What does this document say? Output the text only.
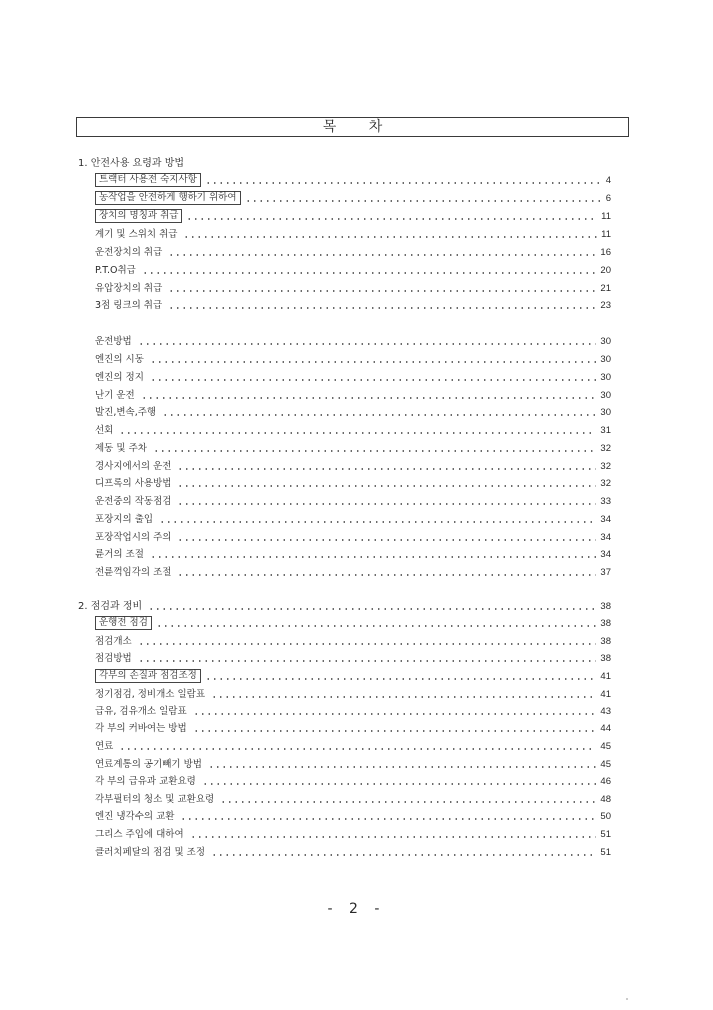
목 차
1. 안전사용 요령과 방법
트랙터 사용전 숙지사항	4
농작업을 안전하게 행하기 위하여	6
장치의 명칭과 취급	11
계기 및 스위치 취급	11
운전장치의 취급	16
P.T.O취급	20
유압장치의 취급	21
3점 링크의 취급	23
운전방법	30
엔진의 시동	30
엔진의 정지	30
난기 운전	30
발진,변속,주행	30
선회	31
제동 및 주차	32
경사지에서의 운전	32
디프록의 사용방법	32
운전중의 작동점검	33
포장지의 출입	34
포장작업시의 주의	34
륜거의 조절	34
전륜꺽임각의 조절	37
2. 점검과 정비	38
운행전 점검	38
점검개소	38
점검방법	38
각부의 손질과 점검조정	41
정기점검, 정비개소 일람표	41
급유, 검유개소 일람표	43
각 부의 커바여는 방법	44
연료	45
연료계통의 공기빼기 방법	45
각 부의 급유과 교환요령	46
각부필터의 청소 및 교환요령	48
엔진 냉각수의 교환	50
그리스 주입에 대하여	51
클러치페달의 점검 및 조정	51
- 2 -
